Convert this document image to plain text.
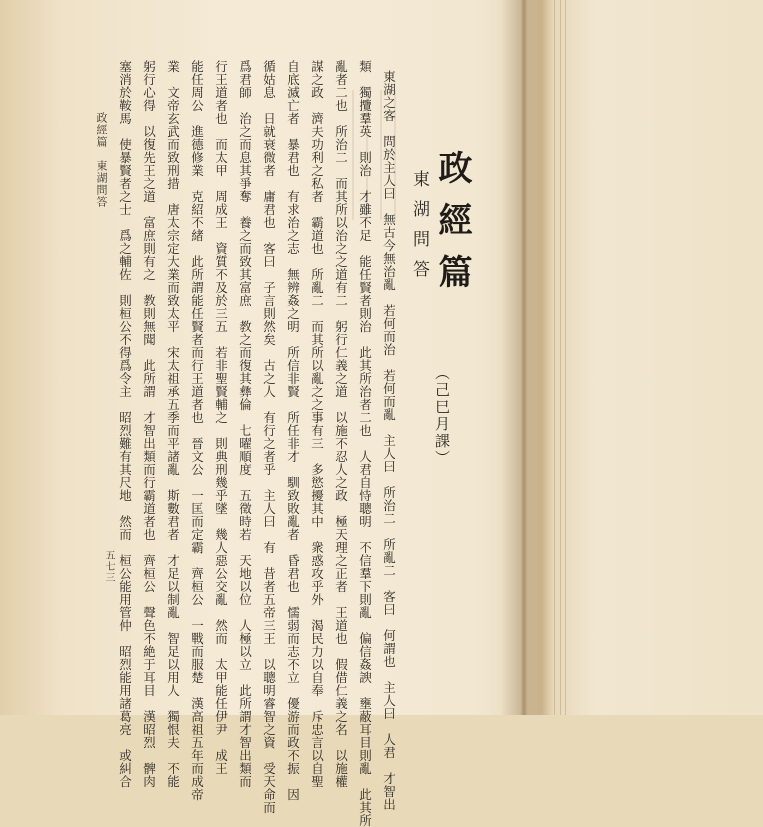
政經篇
東湖問答
（己巳月課）
東湖之客　問於主人曰　無古今無治亂　若何而治　若何而亂　主人曰　所治二　所亂二　客曰　何謂也　主人曰　人君　才智出
類　獨攬羣英　則治　才雖不足　能任賢者則治　此其所治者二也　人君自恃聰明　不信羣下則亂　偏信姦諛　壅蔽耳目則亂　此其所
亂者二也　所治二　而其所以治之之道有二　躬行仁義之道　以施不忍人之政　極天理之正者　王道也　假借仁義之名　以施權
謀之政　濟夫功利之私者　霸道也　所亂二　而其所以亂之之事有三　多慾擾其中　衆惑攻乎外　渴民力以自奉　斥忠言以自聖
自底滅亡者　暴君也　有求治之志　無辨姦之明　所信非賢　所任非才　馴致敗亂者　昏君也　懦弱而志不立　優游而政不振　因
循姑息　日就衰微者　庸君也　客曰　子言則然矣　古之人　有行之者乎　主人曰　有　昔者五帝三王　以聰明睿智之資　受天命而
爲君師　治之而息其爭奪　養之而致其富庶　教之而復其彝倫　七曜順度　五徵時若　天地以位　人極以立　此所謂才智出類而
行王道者也　而太甲　周成王　資質不及於三五　若非聖賢輔之　則典刑幾乎墜　幾人惡公交亂　然而　太甲能任伊尹　成王
能任周公　進德修業　克紹不緒　此所謂能任賢者而行王道者也　晉文公　一匡而定霸　齊桓公　一戰而服楚　漢高祖五年而成帝
業　文帝玄武而致刑措　唐太宗定大業而致太平　宋太祖承五季而平諸亂　斯數君者　才足以制亂　智足以用人　獨恨夫　不能
躬行心得　以復先王之道　富庶則有之　教則無聞　此所謂　才智出類而行霸道者也　齊桓公　聲色不絶于耳目　漢昭烈　髀肉
塞消於鞍馬　使暴賢者之士　爲之輔佐　則桓公不得爲令主　昭烈難有其尺地　然而　桓公能用管仲　昭烈能用諸葛亮　或糾合
政經篇　東湖問答
五七三
